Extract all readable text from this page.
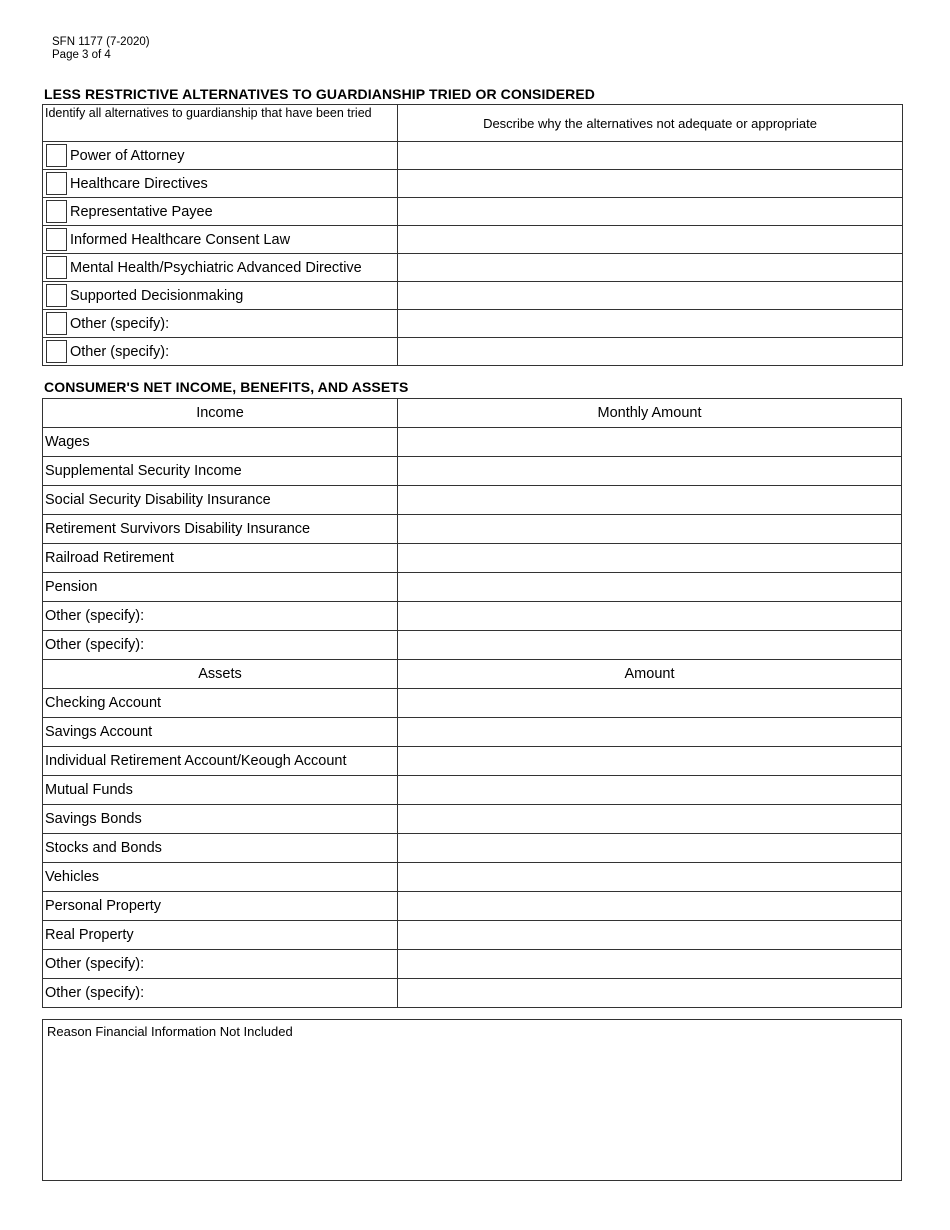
SFN 1177 (7-2020)
Page 3 of 4
LESS RESTRICTIVE ALTERNATIVES TO GUARDIANSHIP TRIED OR CONSIDERED
Identify all alternatives to guardianship that have been tried	Describe why the alternatives not adequate or appropriate

Power of Attorney	

Healthcare Directives	

Representative Payee	

Informed Healthcare Consent Law	

Mental Health/Psychiatric Advanced Directive	

Supported Decisionmaking	

Other (specify):	

Other (specify):	

CONSUMER'S NET INCOME, BENEFITS, AND ASSETS
Income	Monthly Amount
Wages	
Supplemental Security Income	
Social Security Disability Insurance	
Retirement Survivors Disability Insurance	
Railroad Retirement	
Pension	
Other (specify):	
Other (specify):	
Assets	Amount
Checking Account	
Savings Account	
Individual Retirement Account/Keough Account	
Mutual Funds	
Savings Bonds	
Stocks and Bonds	
Vehicles	
Personal Property	
Real Property	
Other (specify):	
Other (specify):	
Reason Financial Information Not Included
